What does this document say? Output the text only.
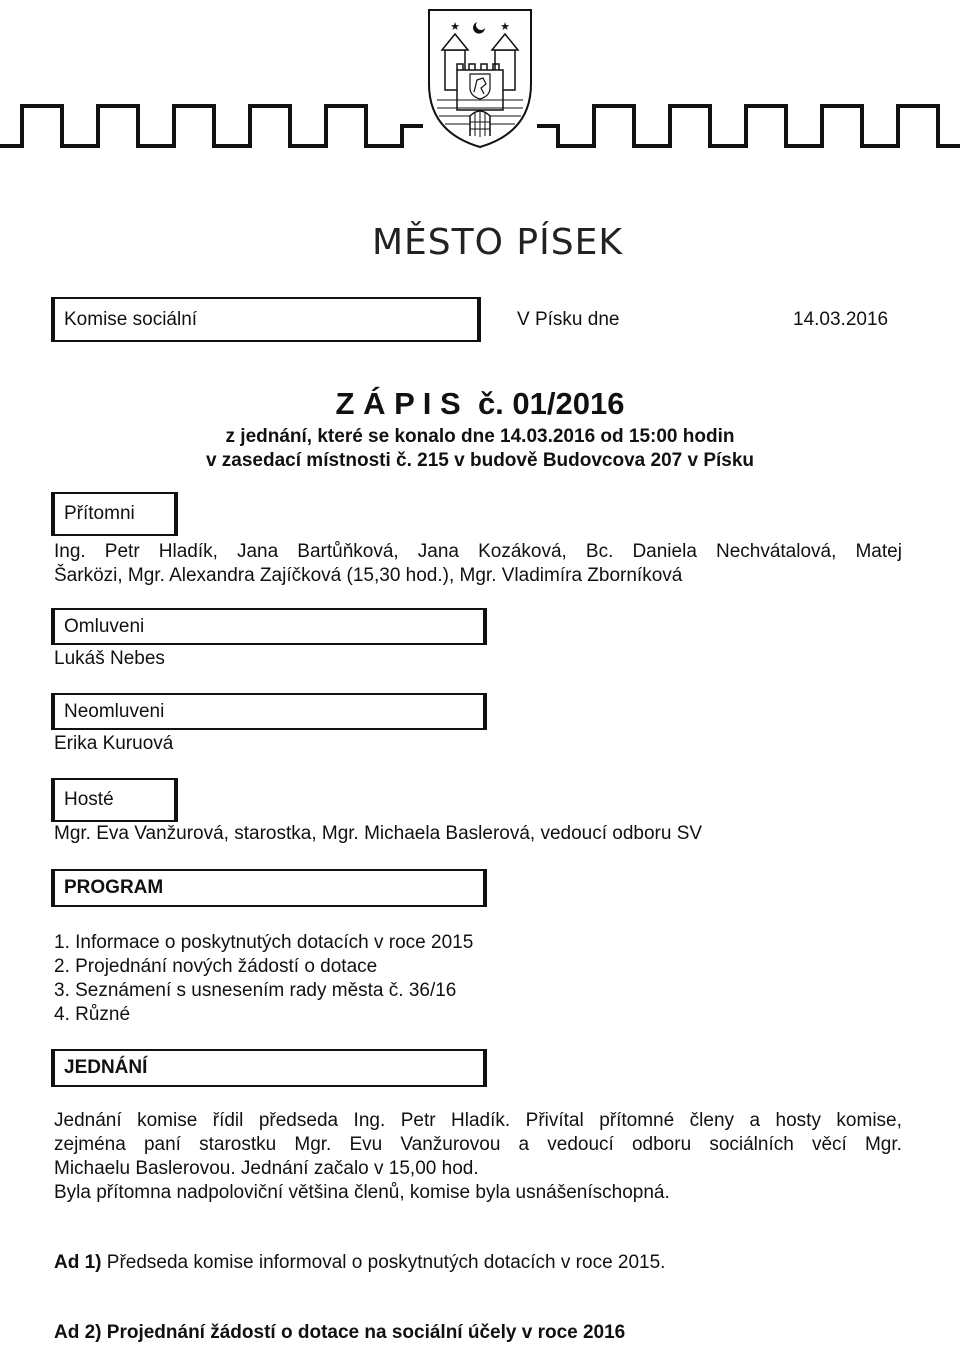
★	★
MĚSTO PÍSEK
Komise sociální	V Písku dne	14.03.2016
Z Á P I S  č. 01/2016
z jednání, které se konalo dne 14.03.2016 od 15:00 hodin
v zasedací místnosti č. 215 v budově Budovcova 207 v Písku
Přítomni
Ing. Petr Hladík, Jana Bartůňková, Jana Kozáková, Bc. Daniela Nechvátalová, Matej
Šarközi, Mgr. Alexandra Zajíčková (15,30 hod.), Mgr. Vladimíra Zborníková
Omluveni
Lukáš Nebes
Neomluveni
Erika Kuruová
Hosté
Mgr. Eva Vanžurová, starostka, Mgr. Michaela Baslerová, vedoucí odboru SV
PROGRAM
1. Informace o poskytnutých dotacích v roce 2015
2. Projednání nových žádostí o dotace
3. Seznámení s usnesením rady města č. 36/16
4. Různé
JEDNÁNÍ
Jednání komise řídil předseda Ing. Petr Hladík. Přivítal přítomné členy a hosty komise,
zejména paní starostku Mgr. Evu Vanžurovou a vedoucí odboru sociálních věcí Mgr.
Michaelu Baslerovou. Jednání začalo v 15,00 hod.
Byla přítomna nadpoloviční většina členů, komise byla usnášeníschopná.
Ad 1) Předseda komise informoval o poskytnutých dotacích v roce 2015.
Ad 2) Projednání žádostí o dotace na sociální účely v roce 2016
